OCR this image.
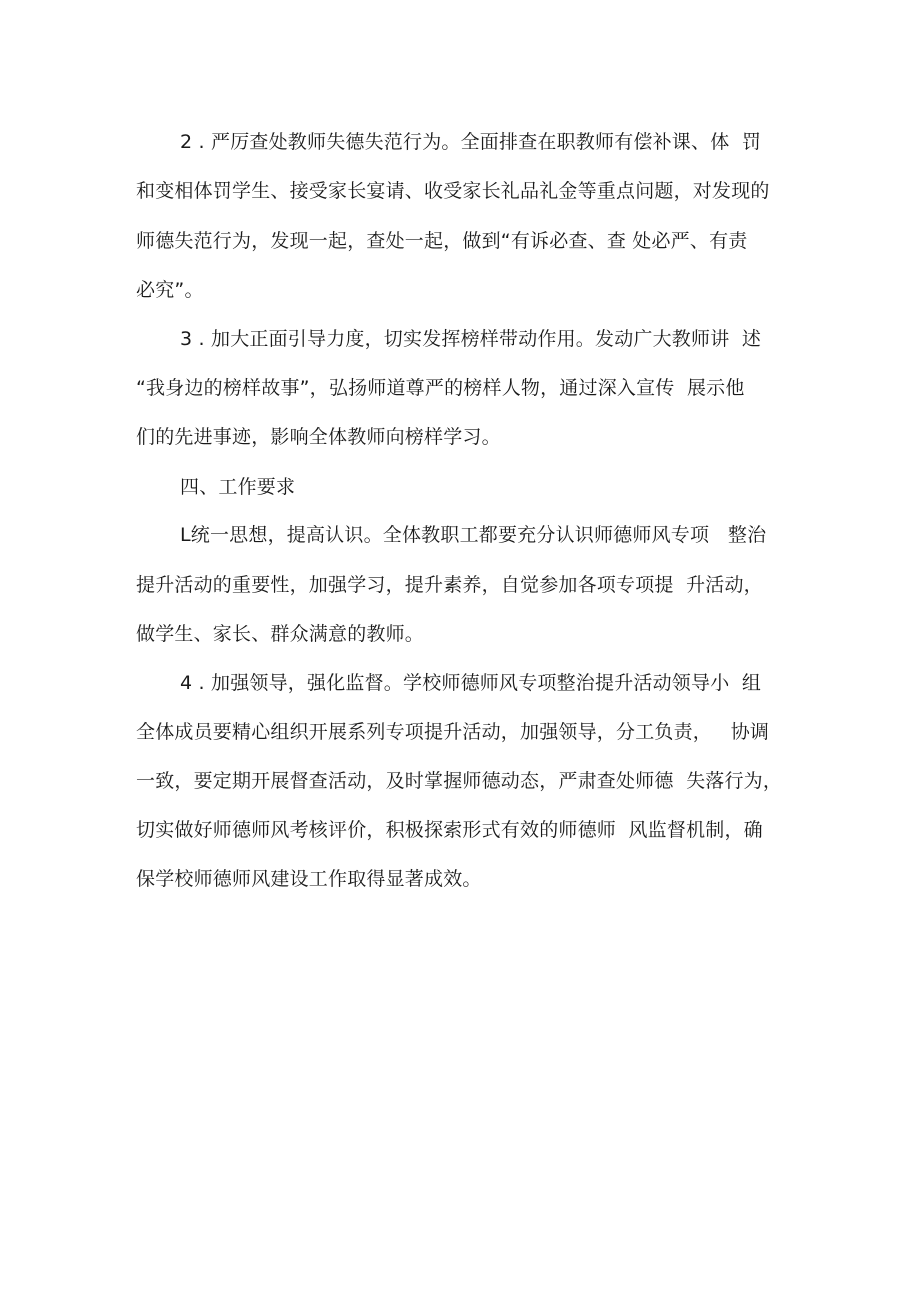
2 . 严厉查处教师失德失范行为。全面排查在职教师有偿补课、体  罚
和变相体罚学生、接受家长宴请、收受家长礼品礼金等重点问题，对发现的
师德失范行为，发现一起，查处一起，做到“有诉必查、查 处必严、有责
必究”。
3 . 加大正面引导力度，切实发挥榜样带动作用。发动广大教师讲  述
“我身边的榜样故事”，弘扬师道尊严的榜样人物，通过深入宣传  展示他
们的先进事迹，影响全体教师向榜样学习。
四、工作要求
L统一思想，提高认识。全体教职工都要充分认识师德师风专项   整治
提升活动的重要性，加强学习，提升素养，自觉参加各项专项提  升活动，
做学生、家长、群众满意的教师。
4 . 加强领导，强化监督。学校师德师风专项整治提升活动领导小  组
全体成员要精心组织开展系列专项提升活动，加强领导，分工负责，   协调
一致，要定期开展督查活动，及时掌握师德动态，严肃查处师德  失落行为，
切实做好师德师风考核评价，积极探索形式有效的师德师  风监督机制，确
保学校师德师风建设工作取得显著成效。
